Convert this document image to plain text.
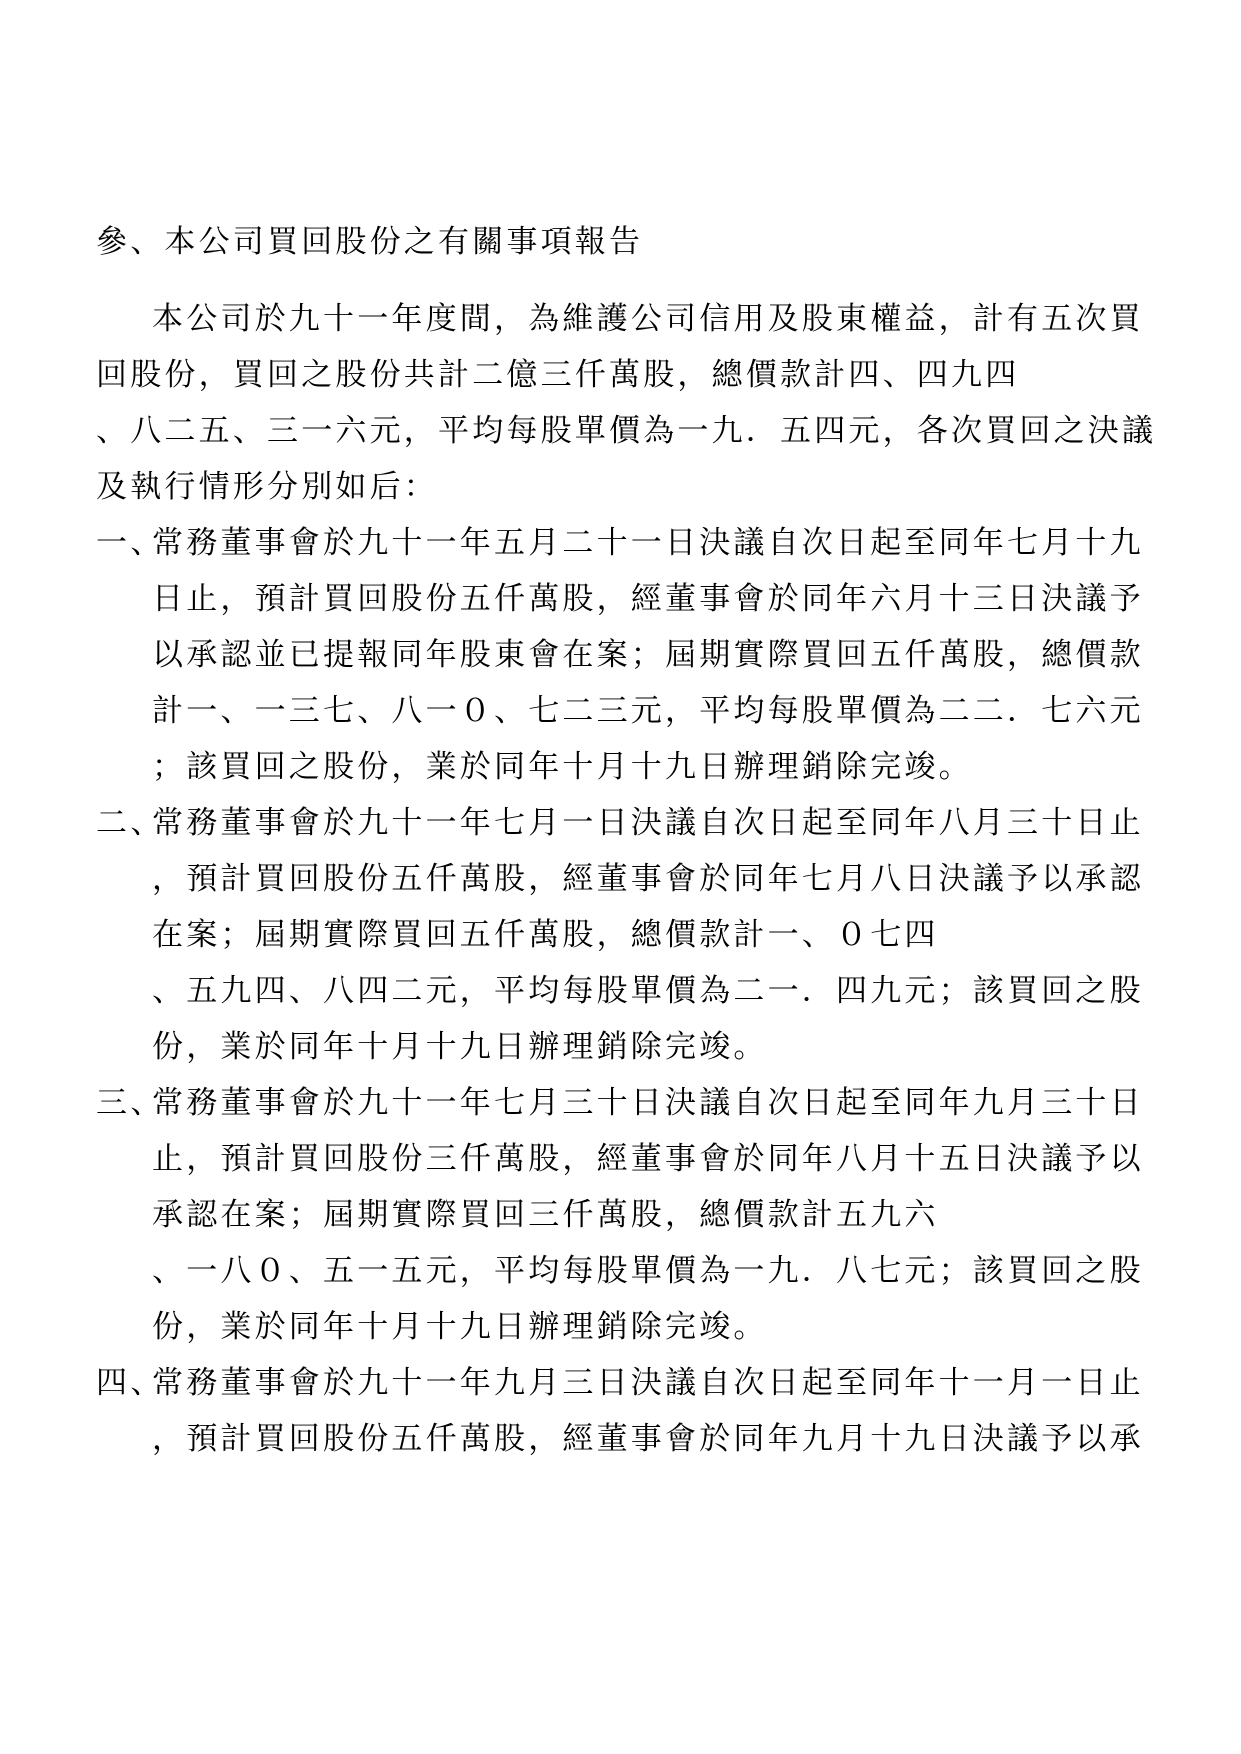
參、本公司買回股份之有關事項報告
本公司於九十一年度間，為維護公司信用及股東權益，計有五次買
回股份，買回之股份共計二億三仟萬股，總價款計四、四九四
、八二五、三一六元，平均每股單價為一九．五四元，各次買回之決議
及執行情形分別如后：
一、
常務董事會於九十一年五月二十一日決議自次日起至同年七月十九
日止，預計買回股份五仟萬股，經董事會於同年六月十三日決議予
以承認並已提報同年股東會在案；屆期實際買回五仟萬股，總價款
計一、一三七、八一０、七二三元，平均每股單價為二二．七六元
；該買回之股份，業於同年十月十九日辦理銷除完竣。
二、
常務董事會於九十一年七月一日決議自次日起至同年八月三十日止
，預計買回股份五仟萬股，經董事會於同年七月八日決議予以承認
在案；屆期實際買回五仟萬股，總價款計一、０七四
、五九四、八四二元，平均每股單價為二一．四九元；該買回之股
份，業於同年十月十九日辦理銷除完竣。
三、
常務董事會於九十一年七月三十日決議自次日起至同年九月三十日
止，預計買回股份三仟萬股，經董事會於同年八月十五日決議予以
承認在案；屆期實際買回三仟萬股，總價款計五九六
、一八０、五一五元，平均每股單價為一九．八七元；該買回之股
份，業於同年十月十九日辦理銷除完竣。
四、
常務董事會於九十一年九月三日決議自次日起至同年十一月一日止
，預計買回股份五仟萬股，經董事會於同年九月十九日決議予以承
